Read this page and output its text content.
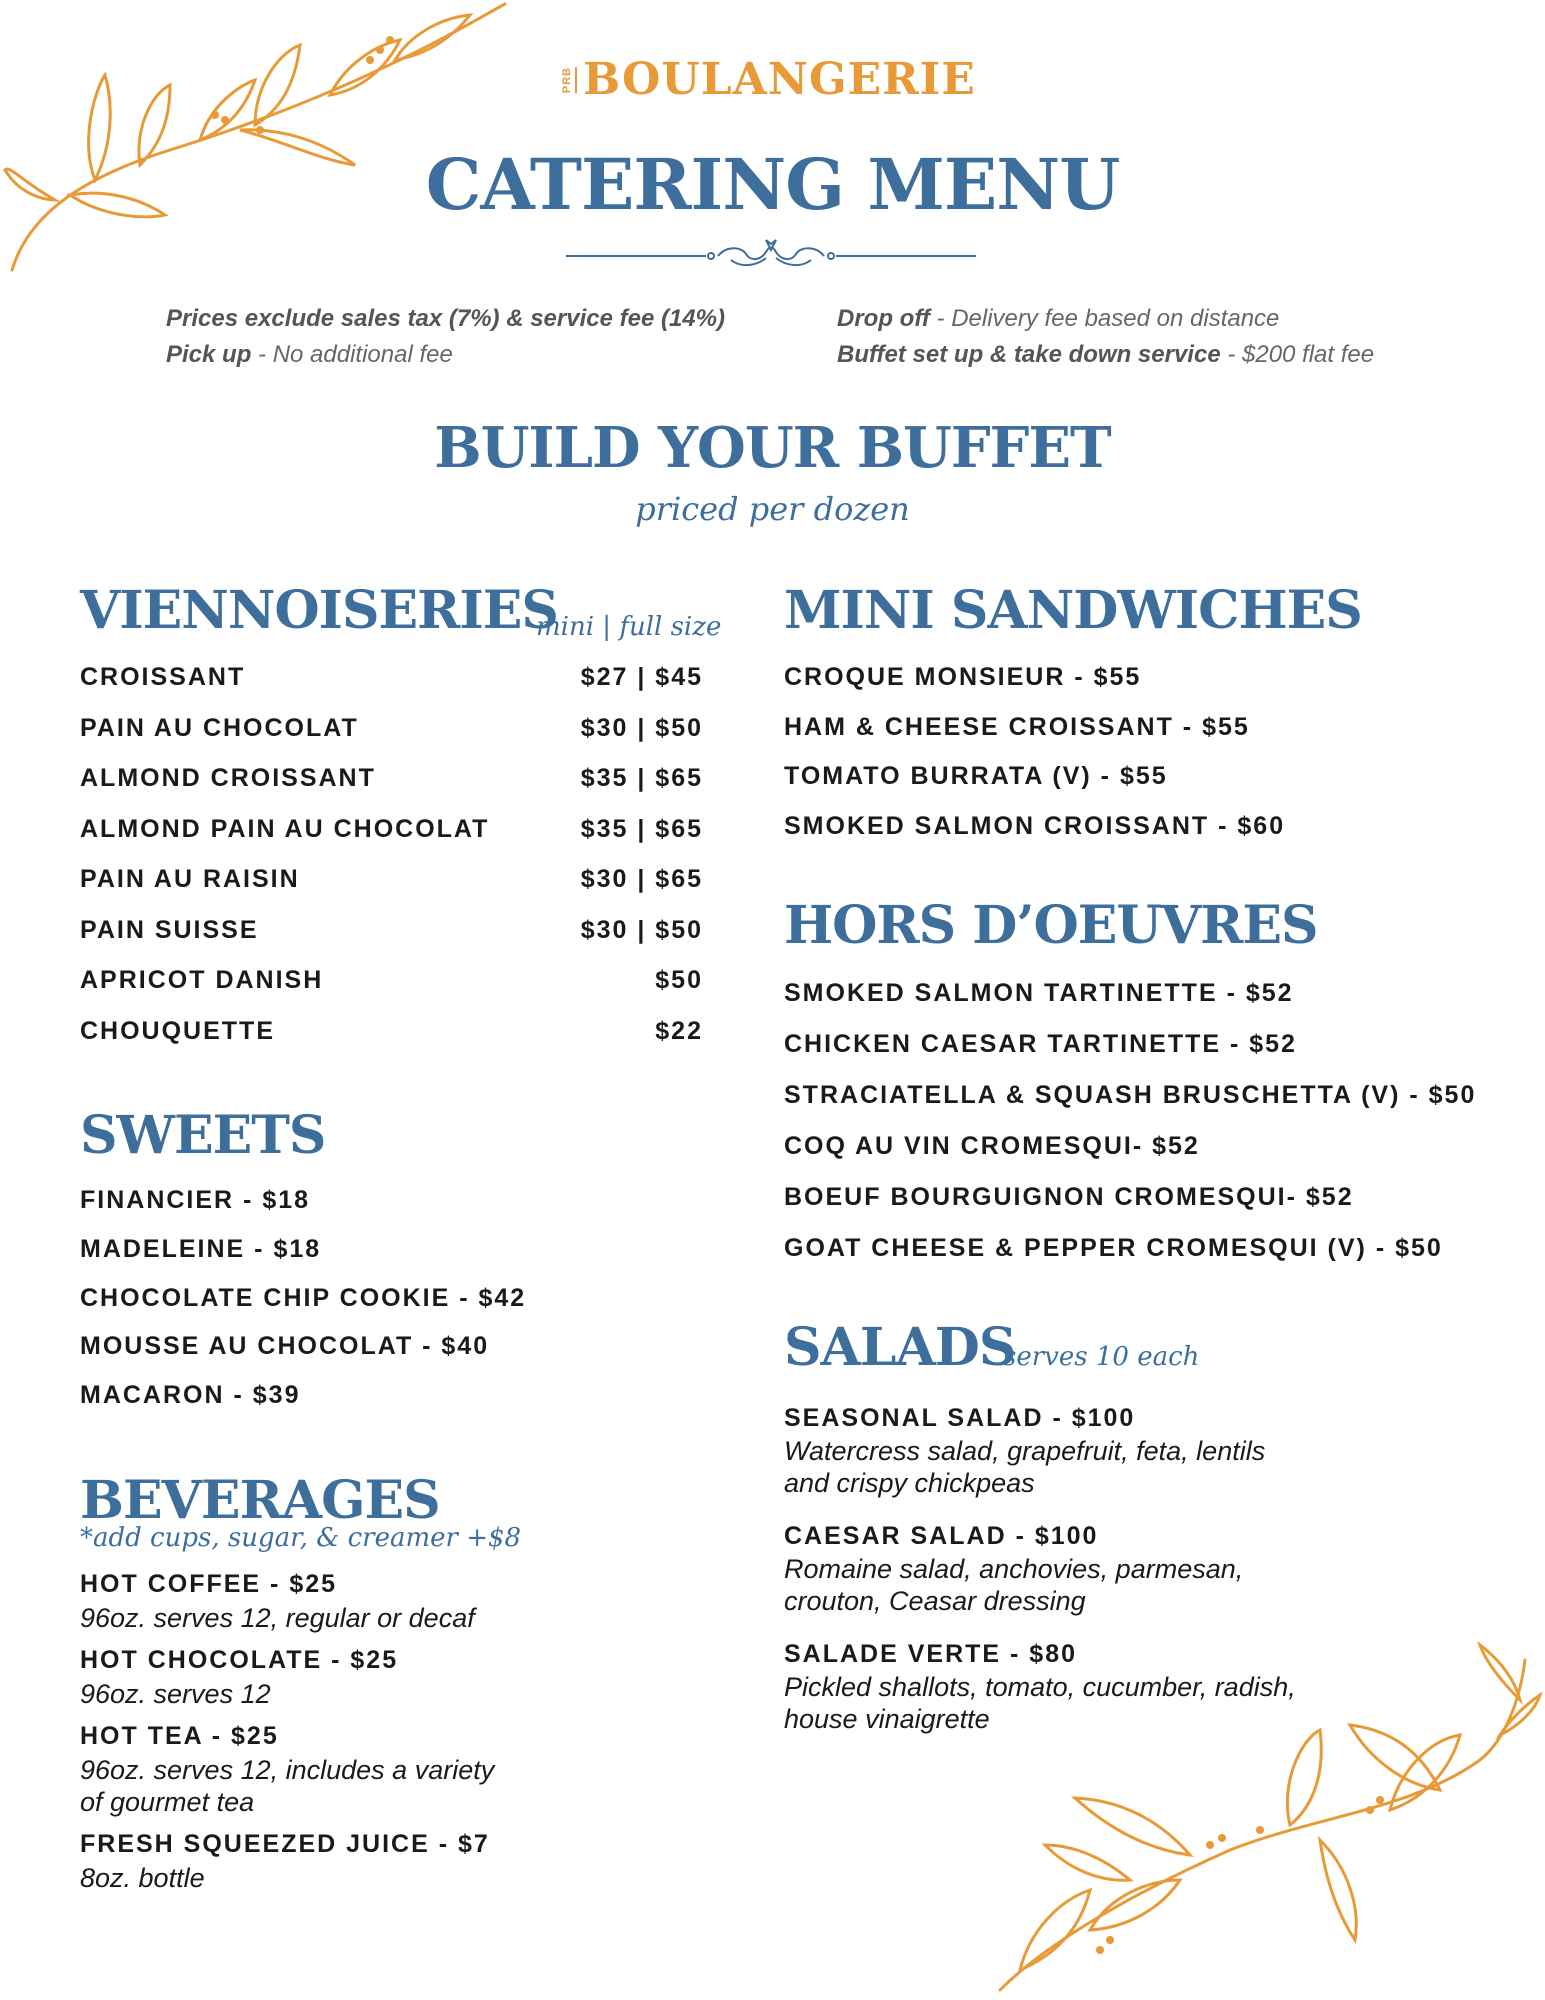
PRB BOULANGERIE
CATERING MENU
Prices exclude sales tax (7%) & service fee (14%)
Pick up - No additional fee
Drop off - Delivery fee based on distance
Buffet set up & take down service - $200 flat fee
BUILD YOUR BUFFET
priced per dozen
VIENNOISERIES
mini | full size
CROISSANT	$27 | $45
PAIN AU CHOCOLAT	$30 | $50
ALMOND CROISSANT	$35 | $65
ALMOND PAIN AU CHOCOLAT	$35 | $65
PAIN AU RAISIN	$30 | $65
PAIN SUISSE	$30 | $50
APRICOT DANISH	$50
CHOUQUETTE	$22
SWEETS
FINANCIER - $18
MADELEINE - $18
CHOCOLATE CHIP COOKIE - $42
MOUSSE AU CHOCOLAT - $40
MACARON - $39
BEVERAGES
*add cups, sugar, & creamer +$8
HOT COFFEE - $25
96oz. serves 12, regular or decaf
HOT CHOCOLATE - $25
96oz. serves 12
HOT TEA - $25
96oz. serves 12, includes a variety
of gourmet tea
FRESH SQUEEZED JUICE - $7
8oz. bottle
MINI SANDWICHES
CROQUE MONSIEUR - $55
HAM & CHEESE CROISSANT - $55
TOMATO BURRATA (V) - $55
SMOKED SALMON CROISSANT - $60
HORS D’OEUVRES
SMOKED SALMON TARTINETTE - $52
CHICKEN CAESAR TARTINETTE - $52
STRACIATELLA & SQUASH BRUSCHETTA (V) - $50
COQ AU VIN CROMESQUI- $52
BOEUF BOURGUIGNON CROMESQUI- $52
GOAT CHEESE & PEPPER CROMESQUI (V) - $50
SALADS
serves 10 each
SEASONAL SALAD - $100
Watercress salad, grapefruit, feta, lentils
and crispy chickpeas
CAESAR SALAD - $100
Romaine salad, anchovies, parmesan,
crouton, Ceasar dressing
SALADE VERTE - $80
Pickled shallots, tomato, cucumber, radish,
house vinaigrette
